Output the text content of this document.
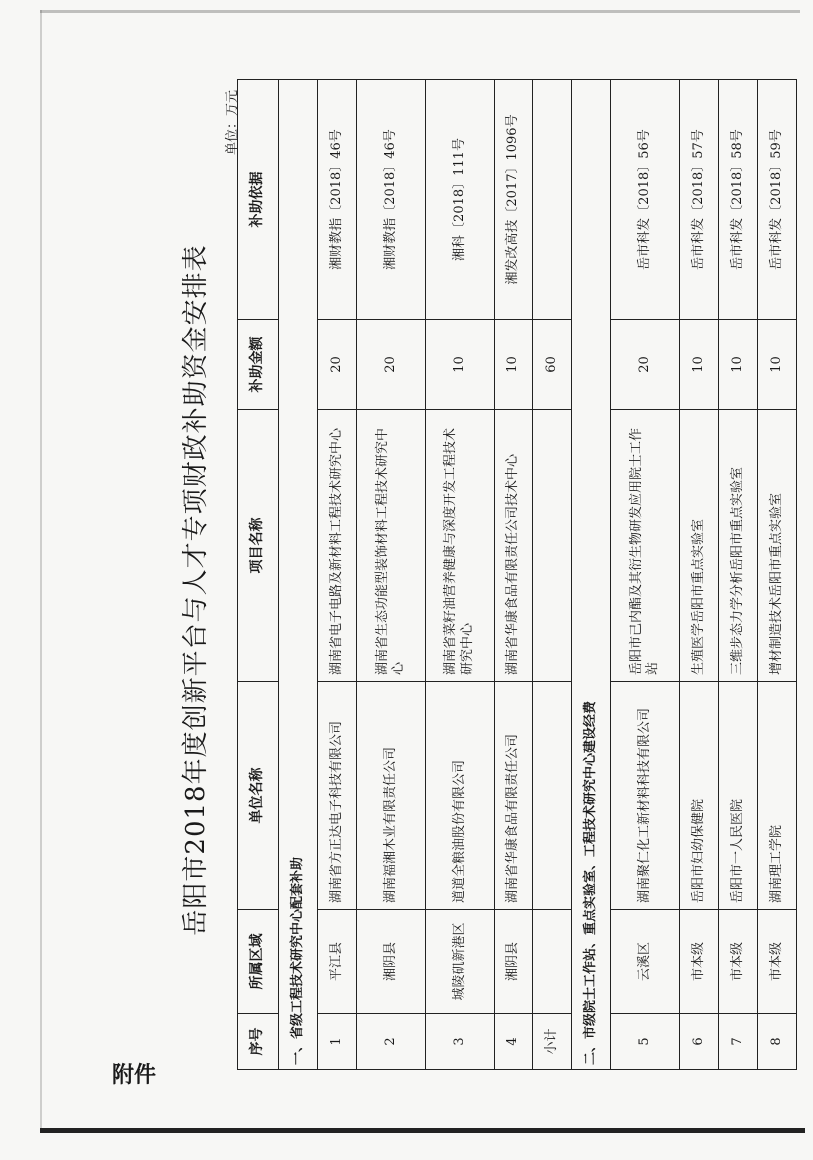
附件
岳阳市2018年度创新平台与人才专项财政补助资金安排表
单位：万元
序号	所属区域	单位名称	项目名称	补助金额	补助依据
一、省级工程技术研究中心配套补助					
1	平江县	湖南省方正达电子科技有限公司	湖南省电子电路及新材料工程技术研究中心	20	湘财教指〔2018〕46号
2	湘阴县	湖南福湘木业有限责任公司	湖南省生态功能型装饰材料工程技术研究中心	20	湘财教指〔2018〕46号
3	城陵矶新港区	道道全粮油股份有限公司	湖南省菜籽油营养健康与深度开发工程技术研究中心	10	湘科〔2018〕111号
4	湘阴县	湖南省华康食品有限责任公司	湖南省华康食品有限责任公司技术中心	10	湘发改高技〔2017〕1096号
小计				60	
二、市级院士工作站、重点实验室、工程技术研究中心建设经费					
5	云溪区	湖南聚仁化工新材料科技有限公司	岳阳市己内酯及其衍生物研发应用院士工作站	20	岳市科发〔2018〕56号
6	市本级	岳阳市妇幼保健院	生殖医学岳阳市重点实验室	10	岳市科发〔2018〕57号
7	市本级	岳阳市一人民医院	三维步态力学分析岳阳市重点实验室	10	岳市科发〔2018〕58号
8	市本级	湖南理工学院	增材制造技术岳阳市重点实验室	10	岳市科发〔2018〕59号
